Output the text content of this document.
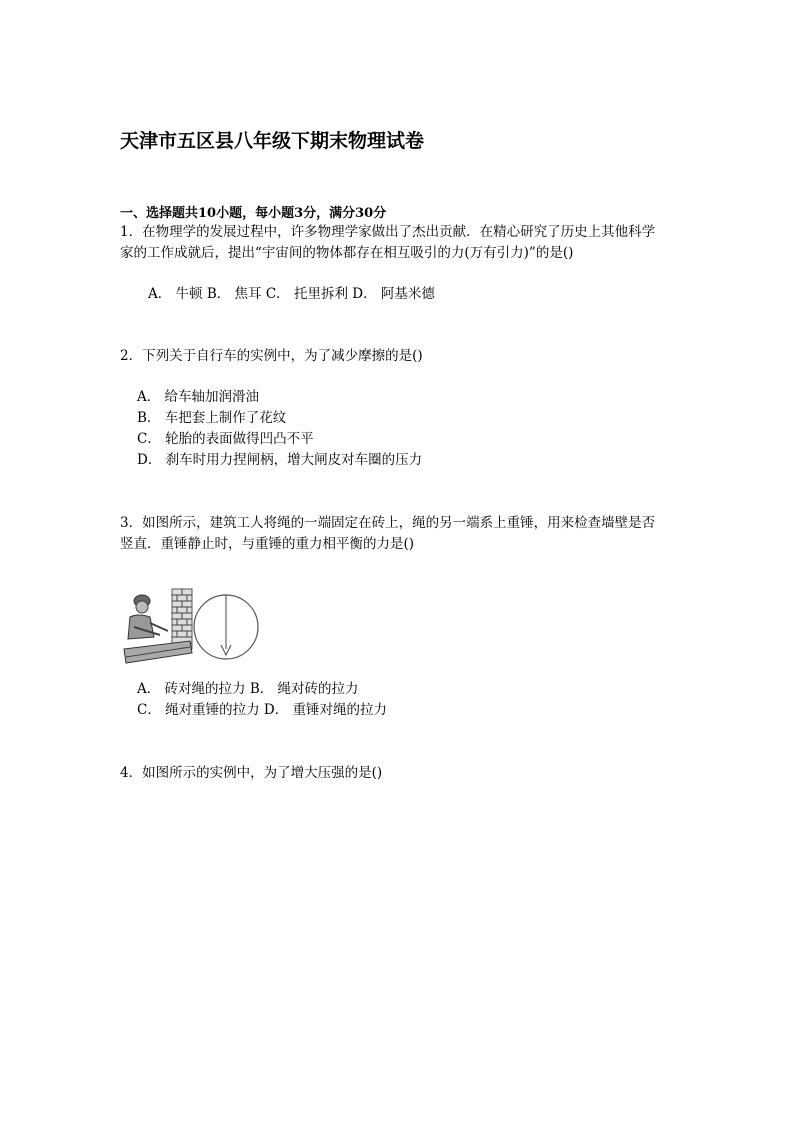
天津市五区县八年级下期末物理试卷
一、选择题共10小题，每小题3分，满分30分
1．在物理学的发展过程中，许多物理学家做出了杰出贡献．在精心研究了历史上其他科学
家的工作成就后，提出“宇宙间的物体都存在相互吸引的力(万有引力)”的是()
A． 牛顿 B． 焦耳 C． 托里拆利 D． 阿基米德
2．下列关于自行车的实例中，为了减少摩擦的是()
A． 给车轴加润滑油
B． 车把套上制作了花纹
C． 轮胎的表面做得凹凸不平
D． 刹车时用力捏闸柄，增大闸皮对车圈的压力
3．如图所示，建筑工人将绳的一端固定在砖上，绳的另一端系上重锤，用来检查墙壁是否
竖直．重锤静止时，与重锤的重力相平衡的力是()
A． 砖对绳的拉力 B． 绳对砖的拉力
C． 绳对重锤的拉力 D． 重锤对绳的拉力
4．如图所示的实例中，为了增大压强的是()
